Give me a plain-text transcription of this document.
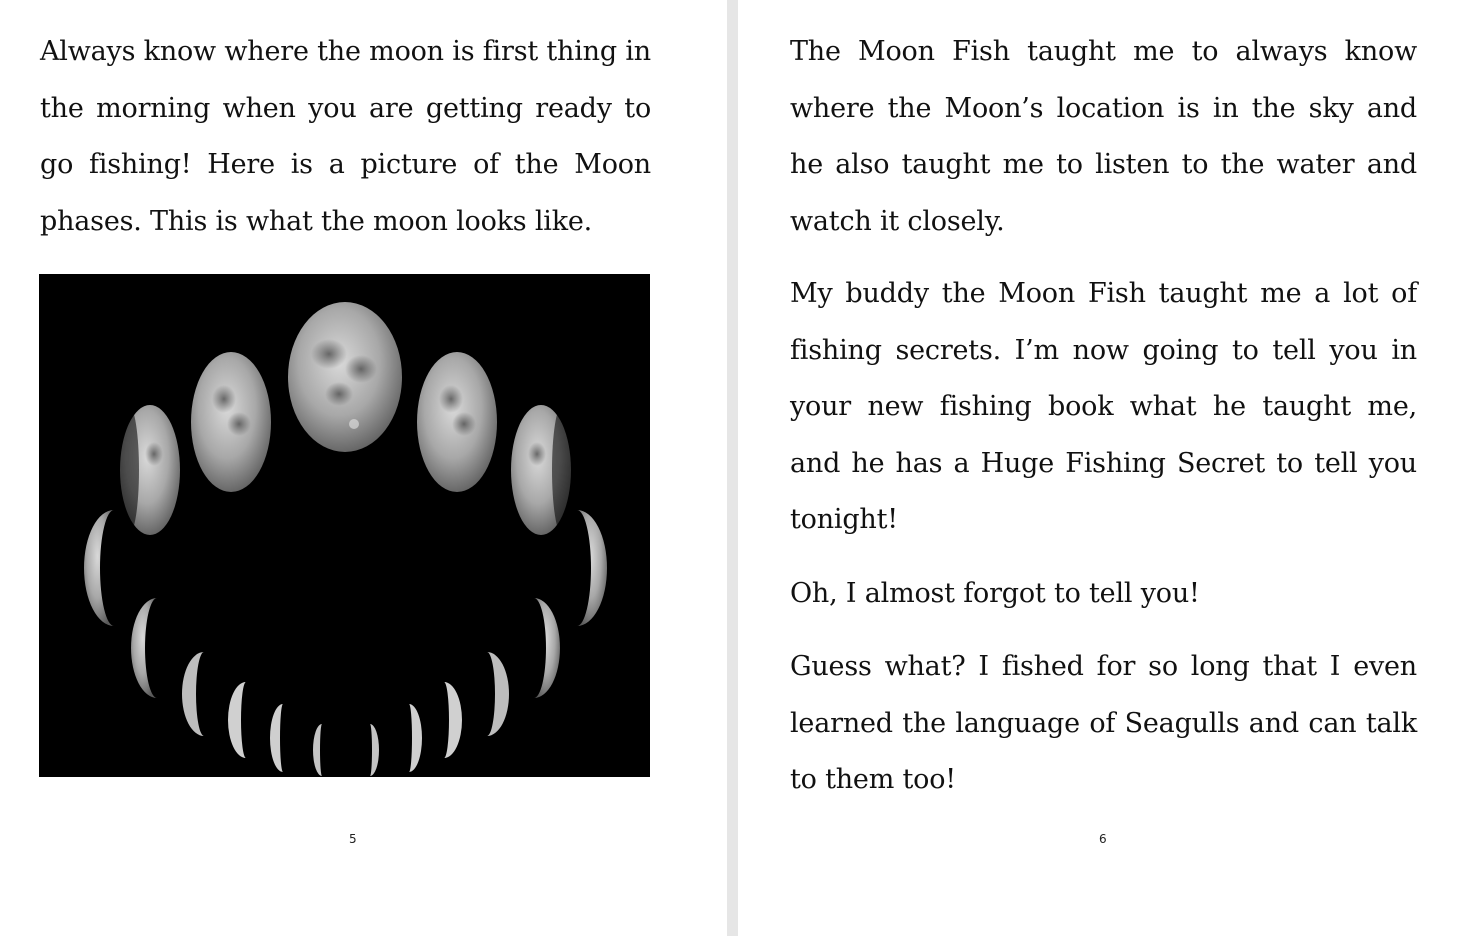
Always know where the moon is first thing in the morning when you are getting ready to go fishing! Here is a picture of the Moon phases. This is what the moon looks like.

5

The Moon Fish taught me to always know where the Moon’s location is in the sky and he also taught me to listen to the water and watch it closely.

My buddy the Moon Fish taught me a lot of fishing secrets. I’m now going to tell you in your new fishing book what he taught me, and he has a Huge Fishing Secret to tell you tonight!

Oh, I almost forgot to tell you!

Guess what? I fished for so long that I even learned the language of Seagulls and can talk to them too!

6
